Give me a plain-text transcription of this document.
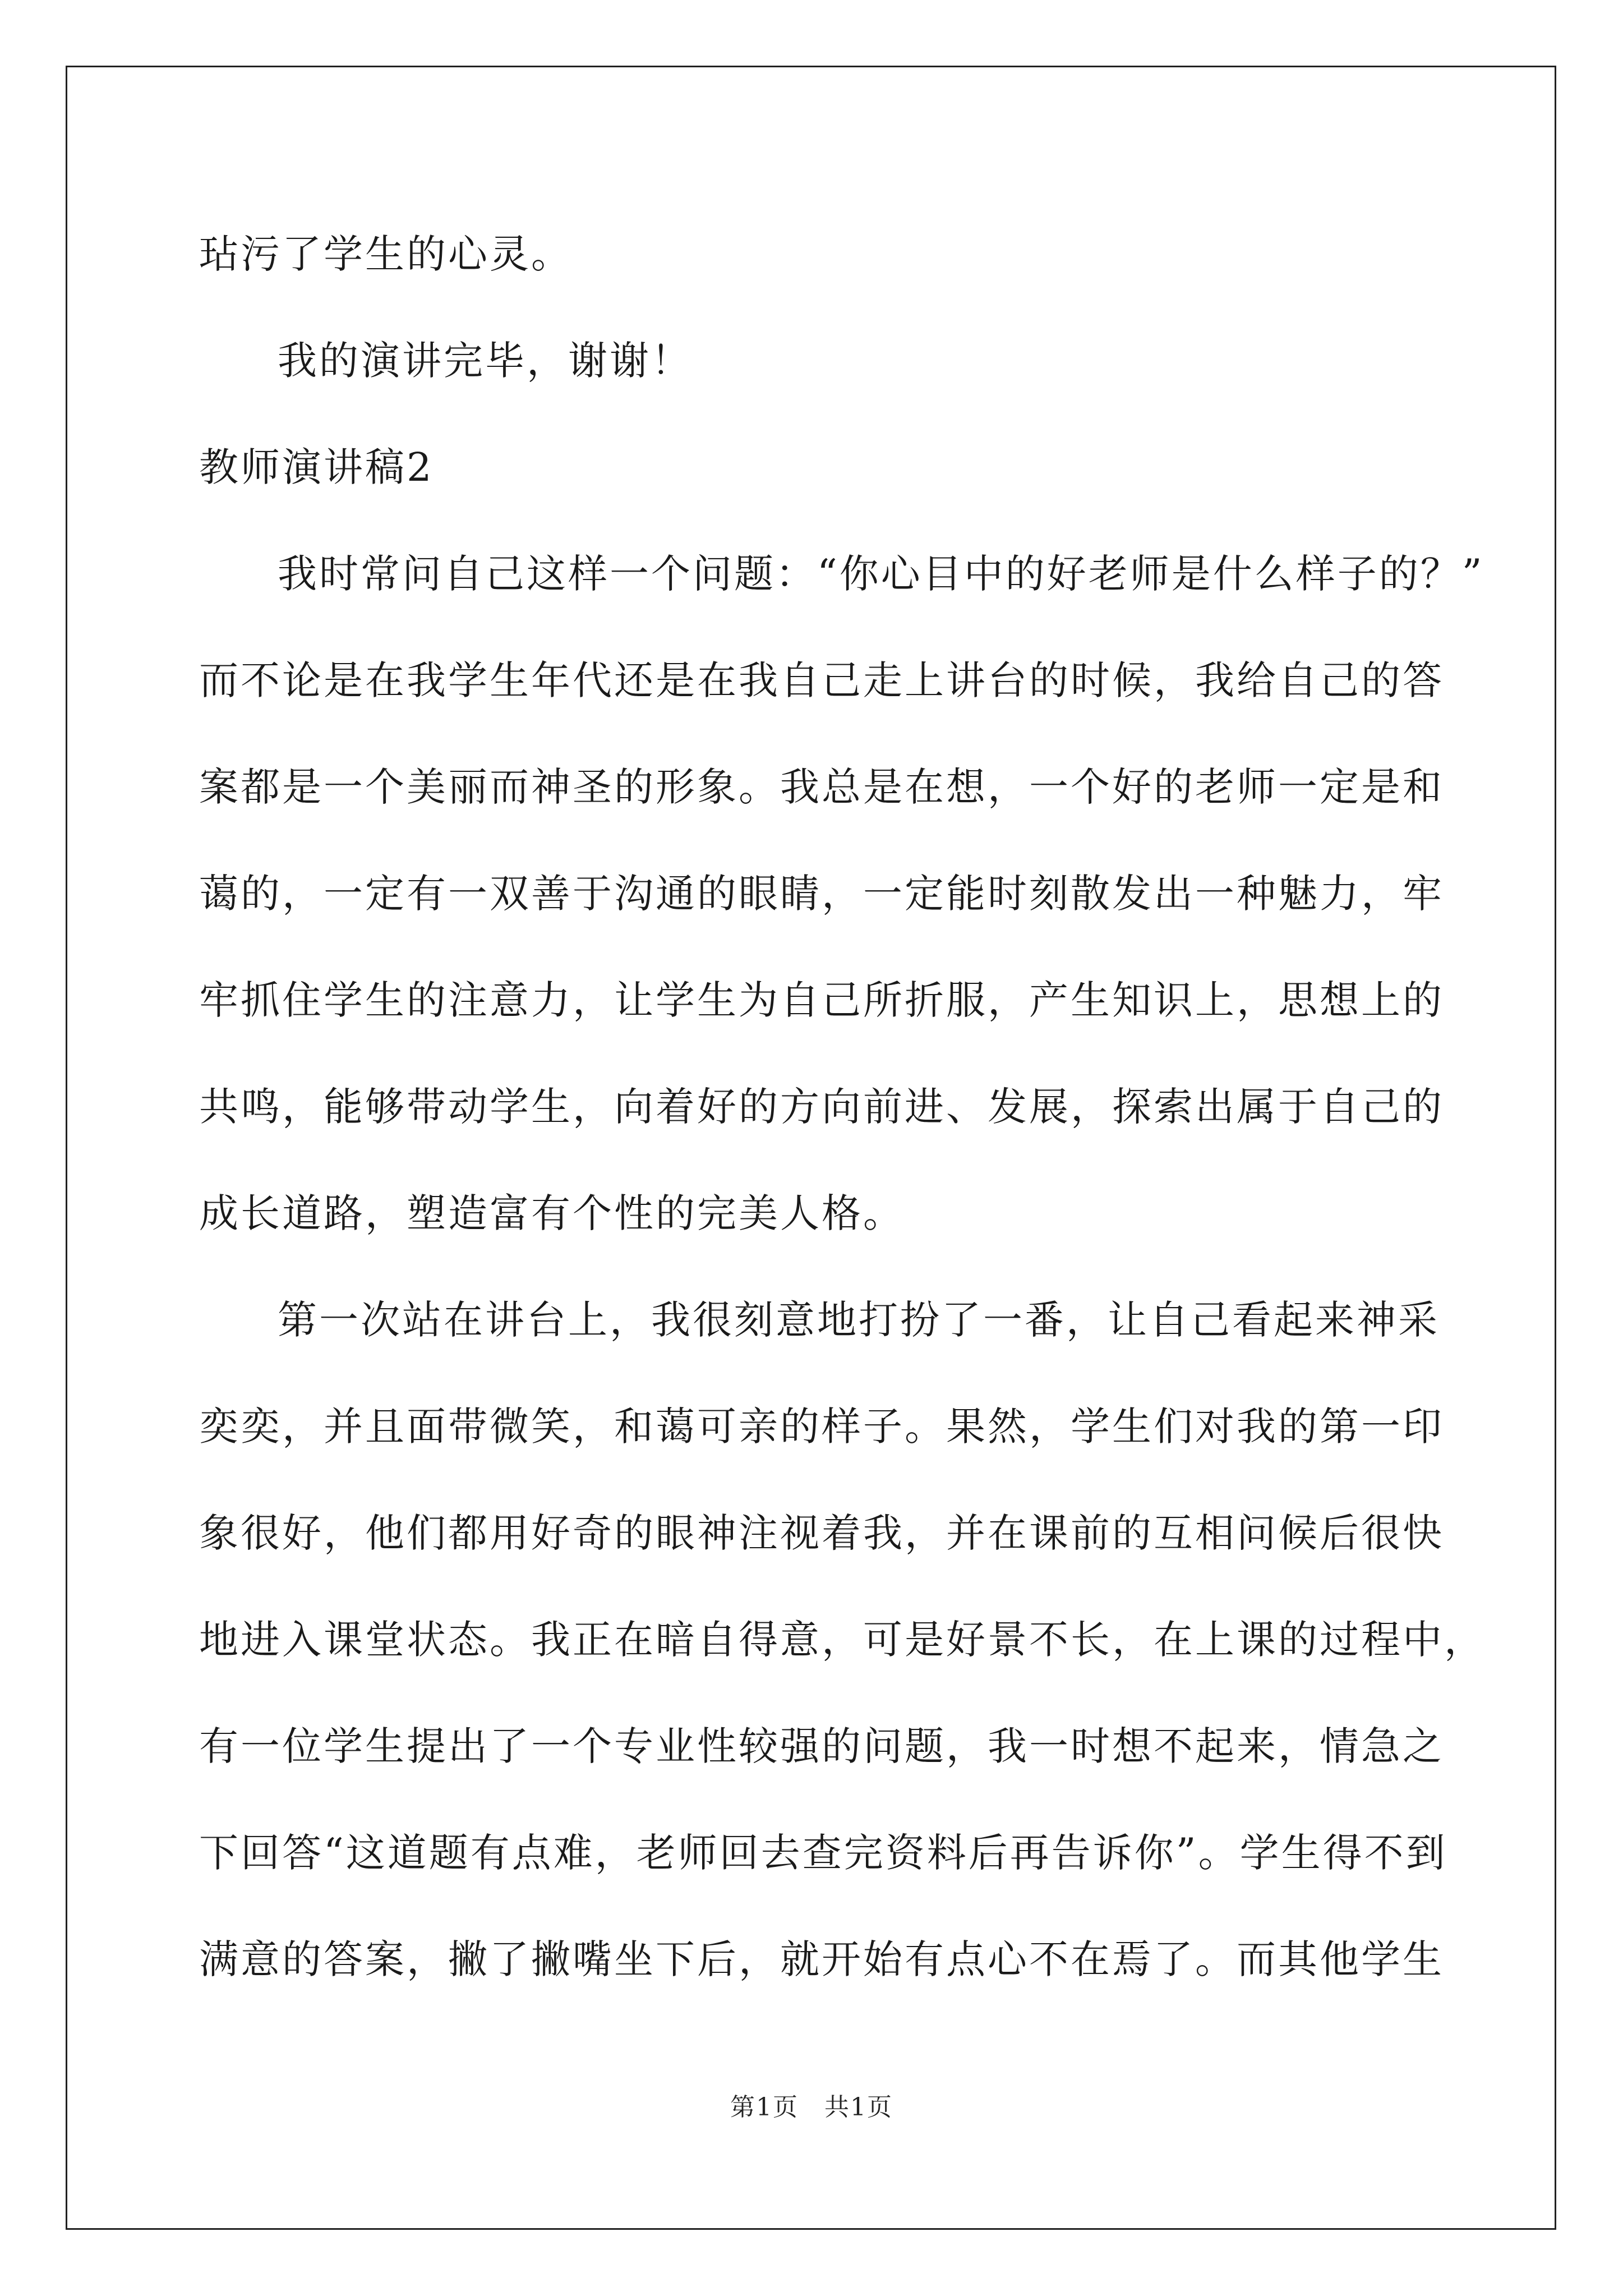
玷污了学生的心灵。
我的演讲完毕，谢谢！
教师演讲稿2
我时常问自己这样一个问题：“你心目中的好老师是什么样子的？”
而不论是在我学生年代还是在我自己走上讲台的时候，我给自己的答
案都是一个美丽而神圣的形象。我总是在想，一个好的老师一定是和
蔼的，一定有一双善于沟通的眼睛，一定能时刻散发出一种魅力，牢
牢抓住学生的注意力，让学生为自己所折服，产生知识上，思想上的
共鸣，能够带动学生，向着好的方向前进、发展，探索出属于自己的
成长道路，塑造富有个性的完美人格。
第一次站在讲台上，我很刻意地打扮了一番，让自己看起来神采
奕奕，并且面带微笑，和蔼可亲的样子。果然，学生们对我的第一印
象很好，他们都用好奇的眼神注视着我，并在课前的互相问候后很快
地进入课堂状态。我正在暗自得意，可是好景不长，在上课的过程中，
有一位学生提出了一个专业性较强的问题，我一时想不起来，情急之
下回答“这道题有点难，老师回去查完资料后再告诉你”。学生得不到
满意的答案，撇了撇嘴坐下后，就开始有点心不在焉了。而其他学生
第1页　共1页
